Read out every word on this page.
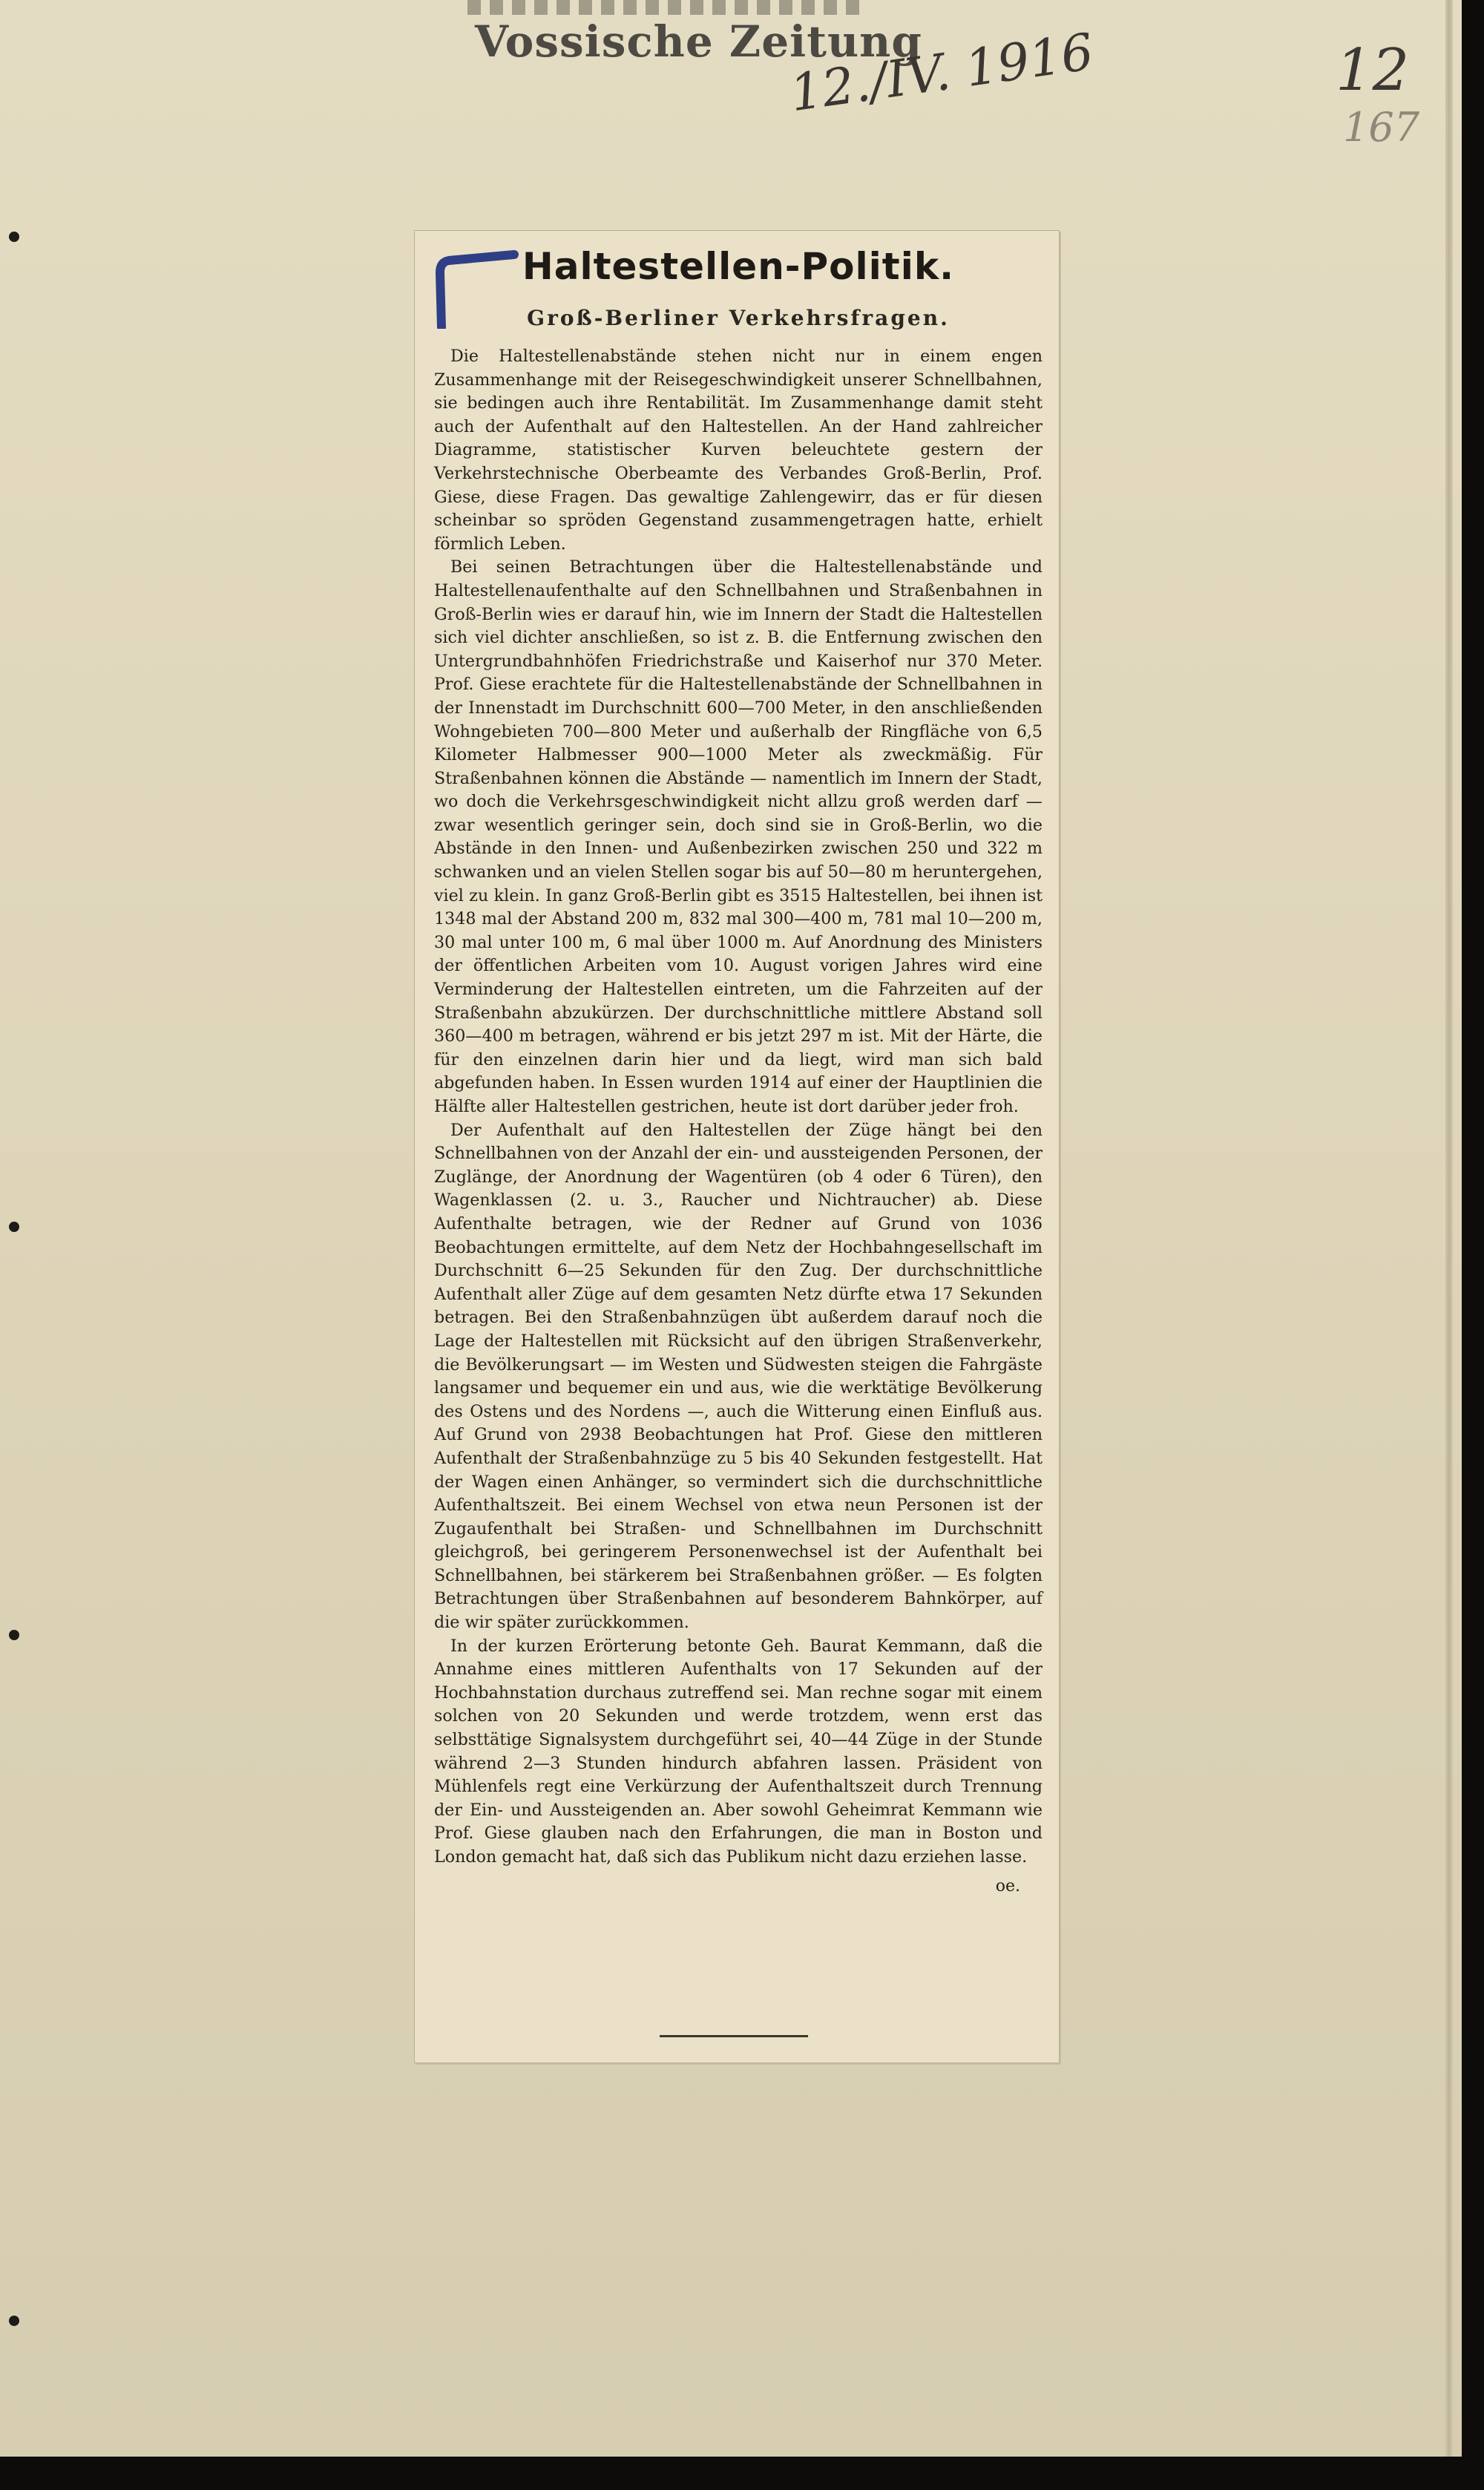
Vossische Zeitung
12./IV. 1916	12
167
Haltestellen-Politik.
Groß-Berliner Verkehrsfragen.

Die Haltestellenabstände stehen nicht nur in einem engen Zusammenhange mit der Reisegeschwindigkeit unserer Schnellbahnen, sie bedingen auch ihre Rentabilität. Im Zusammenhange damit steht auch der Aufenthalt auf den Haltestellen. An der Hand zahlreicher Diagramme, statistischer Kurven beleuchtete gestern der Verkehrstechnische Oberbeamte des Verbandes Groß-Berlin, Prof. Giese, diese Fragen. Das gewaltige Zahlengewirr, das er für diesen scheinbar so spröden Gegenstand zusammengetragen hatte, erhielt förmlich Leben.

Bei seinen Betrachtungen über die Haltestellenabstände und Haltestellenaufenthalte auf den Schnellbahnen und Straßenbahnen in Groß-Berlin wies er darauf hin, wie im Innern der Stadt die Haltestellen sich viel dichter anschließen, so ist z. B. die Entfernung zwischen den Untergrundbahnhöfen Friedrichstraße und Kaiserhof nur 370 Meter. Prof. Giese erachtete für die Haltestellenabstände der Schnellbahnen in der Innenstadt im Durchschnitt 600—700 Meter, in den anschließenden Wohngebieten 700—800 Meter und außerhalb der Ringfläche von 6,5 Kilometer Halbmesser 900—1000 Meter als zweckmäßig. Für Straßenbahnen können die Abstände — namentlich im Innern der Stadt, wo doch die Verkehrsgeschwindigkeit nicht allzu groß werden darf — zwar wesentlich geringer sein, doch sind sie in Groß-Berlin, wo die Abstände in den Innen- und Außenbezirken zwischen 250 und 322 m schwanken und an vielen Stellen sogar bis auf 50—80 m heruntergehen, viel zu klein. In ganz Groß-Berlin gibt es 3515 Haltestellen, bei ihnen ist 1348 mal der Abstand 200 m, 832 mal 300—400 m, 781 mal 10—200 m, 30 mal unter 100 m, 6 mal über 1000 m. Auf Anordnung des Ministers der öffentlichen Arbeiten vom 10. August vorigen Jahres wird eine Verminderung der Haltestellen eintreten, um die Fahrzeiten auf der Straßenbahn abzukürzen. Der durchschnittliche mittlere Abstand soll 360—400 m betragen, während er bis jetzt 297 m ist. Mit der Härte, die für den einzelnen darin hier und da liegt, wird man sich bald abgefunden haben. In Essen wurden 1914 auf einer der Hauptlinien die Hälfte aller Haltestellen gestrichen, heute ist dort darüber jeder froh.

Der Aufenthalt auf den Haltestellen der Züge hängt bei den Schnellbahnen von der Anzahl der ein- und aussteigenden Personen, der Zuglänge, der Anordnung der Wagentüren (ob 4 oder 6 Türen), den Wagenklassen (2. u. 3., Raucher und Nichtraucher) ab. Diese Aufenthalte betragen, wie der Redner auf Grund von 1036 Beobachtungen ermittelte, auf dem Netz der Hochbahngesellschaft im Durchschnitt 6—25 Sekunden für den Zug. Der durchschnittliche Aufenthalt aller Züge auf dem gesamten Netz dürfte etwa 17 Sekunden betragen. Bei den Straßenbahnzügen übt außerdem darauf noch die Lage der Haltestellen mit Rücksicht auf den übrigen Straßenverkehr, die Bevölkerungsart — im Westen und Südwesten steigen die Fahrgäste langsamer und bequemer ein und aus, wie die werktätige Bevölkerung des Ostens und des Nordens —, auch die Witterung einen Einfluß aus. Auf Grund von 2938 Beobachtungen hat Prof. Giese den mittleren Aufenthalt der Straßenbahnzüge zu 5 bis 40 Sekunden festgestellt. Hat der Wagen einen Anhänger, so vermindert sich die durchschnittliche Aufenthaltszeit. Bei einem Wechsel von etwa neun Personen ist der Zugaufenthalt bei Straßen- und Schnellbahnen im Durchschnitt gleichgroß, bei geringerem Personenwechsel ist der Aufenthalt bei Schnellbahnen, bei stärkerem bei Straßenbahnen größer. — Es folgten Betrachtungen über Straßenbahnen auf besonderem Bahnkörper, auf die wir später zurückkommen.

In der kurzen Erörterung betonte Geh. Baurat Kemmann, daß die Annahme eines mittleren Aufenthalts von 17 Sekunden auf der Hochbahnstation durchaus zutreffend sei. Man rechne sogar mit einem solchen von 20 Sekunden und werde trotzdem, wenn erst das selbsttätige Signalsystem durchgeführt sei, 40—44 Züge in der Stunde während 2—3 Stunden hindurch abfahren lassen. Präsident von Mühlenfels regt eine Verkürzung der Aufenthaltszeit durch Trennung der Ein- und Aussteigenden an. Aber sowohl Geheimrat Kemmann wie Prof. Giese glauben nach den Erfahrungen, die man in Boston und London gemacht hat, daß sich das Publikum nicht dazu erziehen lasse.

oe.
